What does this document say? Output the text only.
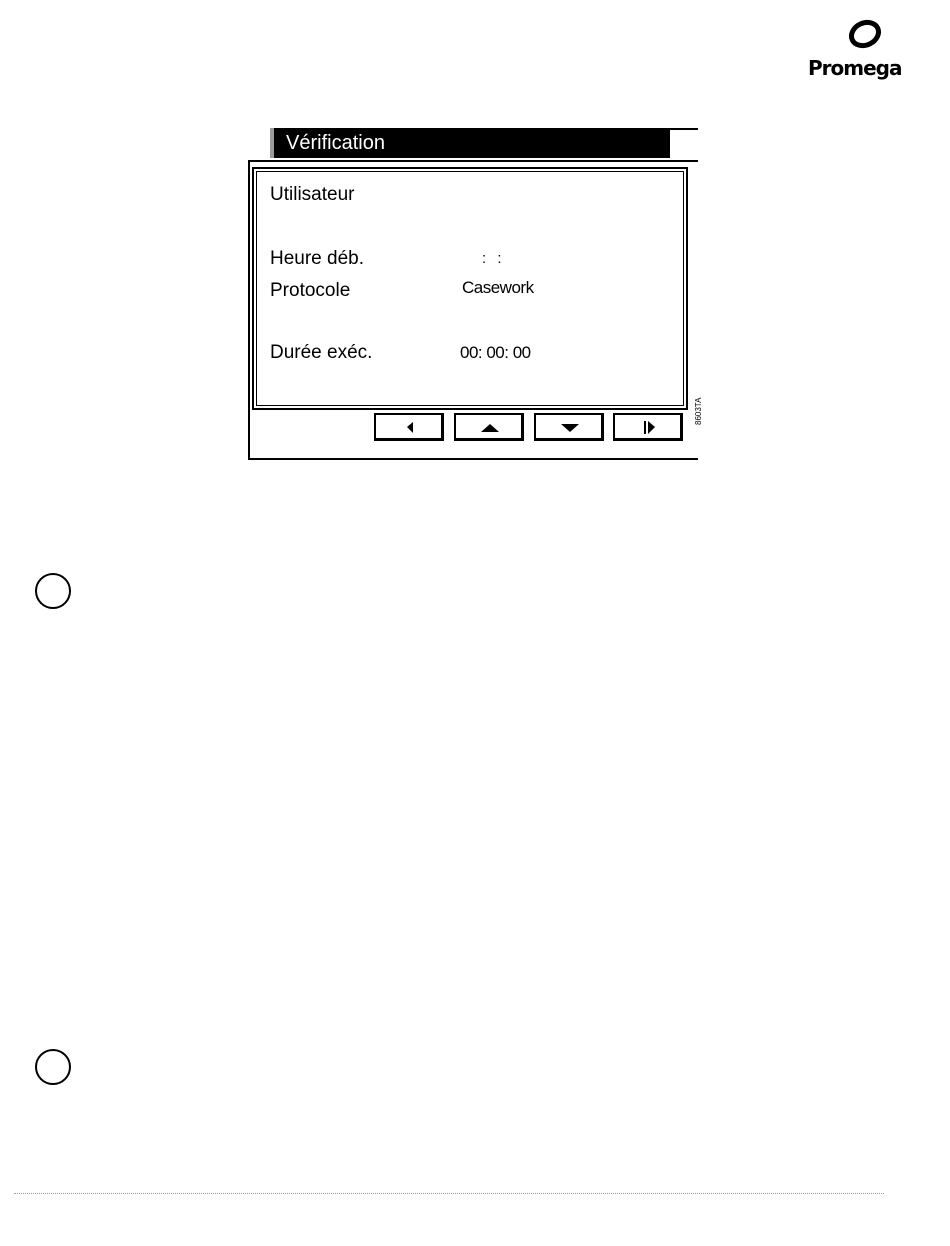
Promega
Vérification
Utilisateur
Heure déb.	: :
Protocole	Casework
Durée exéc.	00: 00: 00
8603TA
